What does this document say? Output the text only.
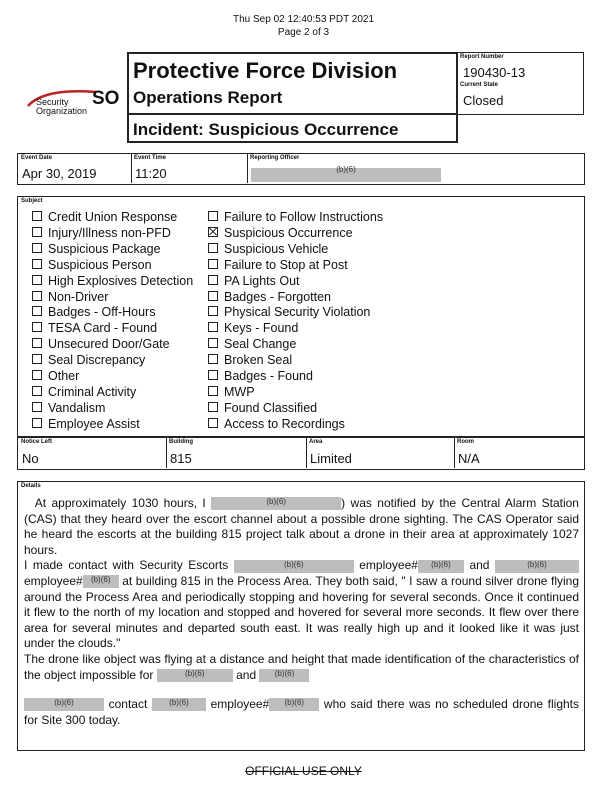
Thu Sep 02 12:40:53 PDT 2021
Page 2 of 3
Security SO
Organization
Protective Force Division
Operations Report
Incident: Suspicious Occurrence
Report Number
190430-13
Current State
Closed
Event Date
Apr 30, 2019
Event Time
11:20
Reporting Officer
(b)(6)
Subject
Credit Union Response
Injury/Illness non-PFD
Suspicious Package
Suspicious Person
High Explosives Detection
Non-Driver
Badges - Off-Hours
TESA Card - Found
Unsecured Door/Gate
Seal Discrepancy
Other
Criminal Activity
Vandalism
Employee Assist
Failure to Follow Instructions
Suspicious Occurrence
Suspicious Vehicle
Failure to Stop at Post
PA Lights Out
Badges - Forgotten
Physical Security Violation
Keys - Found
Seal Change
Broken Seal
Badges - Found
MWP
Found Classified
Access to Recordings
Notice Left
No
Building
815
Area
Limited
Room
N/A
Details

At approximately 1030 hours, I	(b)(6)	) was notified by the Central Alarm Station (CAS) that they heard over the escort channel about a possible drone sighting. The CAS Operator said he heard the escorts at the building 815 project talk about a drone in their area at approximately 1027 hours.

I made contact with Security Escorts	(b)(6)	employee#	(b)(6)	and	(b)(6)
employee#	(b)(6) at building 815 in the Process Area. They both said, " I saw a round silver drone flying around the Process Area and periodically stopping and hovering for several seconds. Once it continued it flew to the north of my location and stopped and hovered for several more seconds. It flew over there area for several minutes and departed south east. It was really high up and it looked like it was just under the clouds."

The drone like object was flying at a distance and height that made identification of the characteristics of the object impossible for	(b)(6)	and	(b)(6)

(b)(6)	contact	(b)(6)	employee#	(b)(6)	who said there was no scheduled drone flights for Site 300 today.

OFFICIAL USE ONLY
